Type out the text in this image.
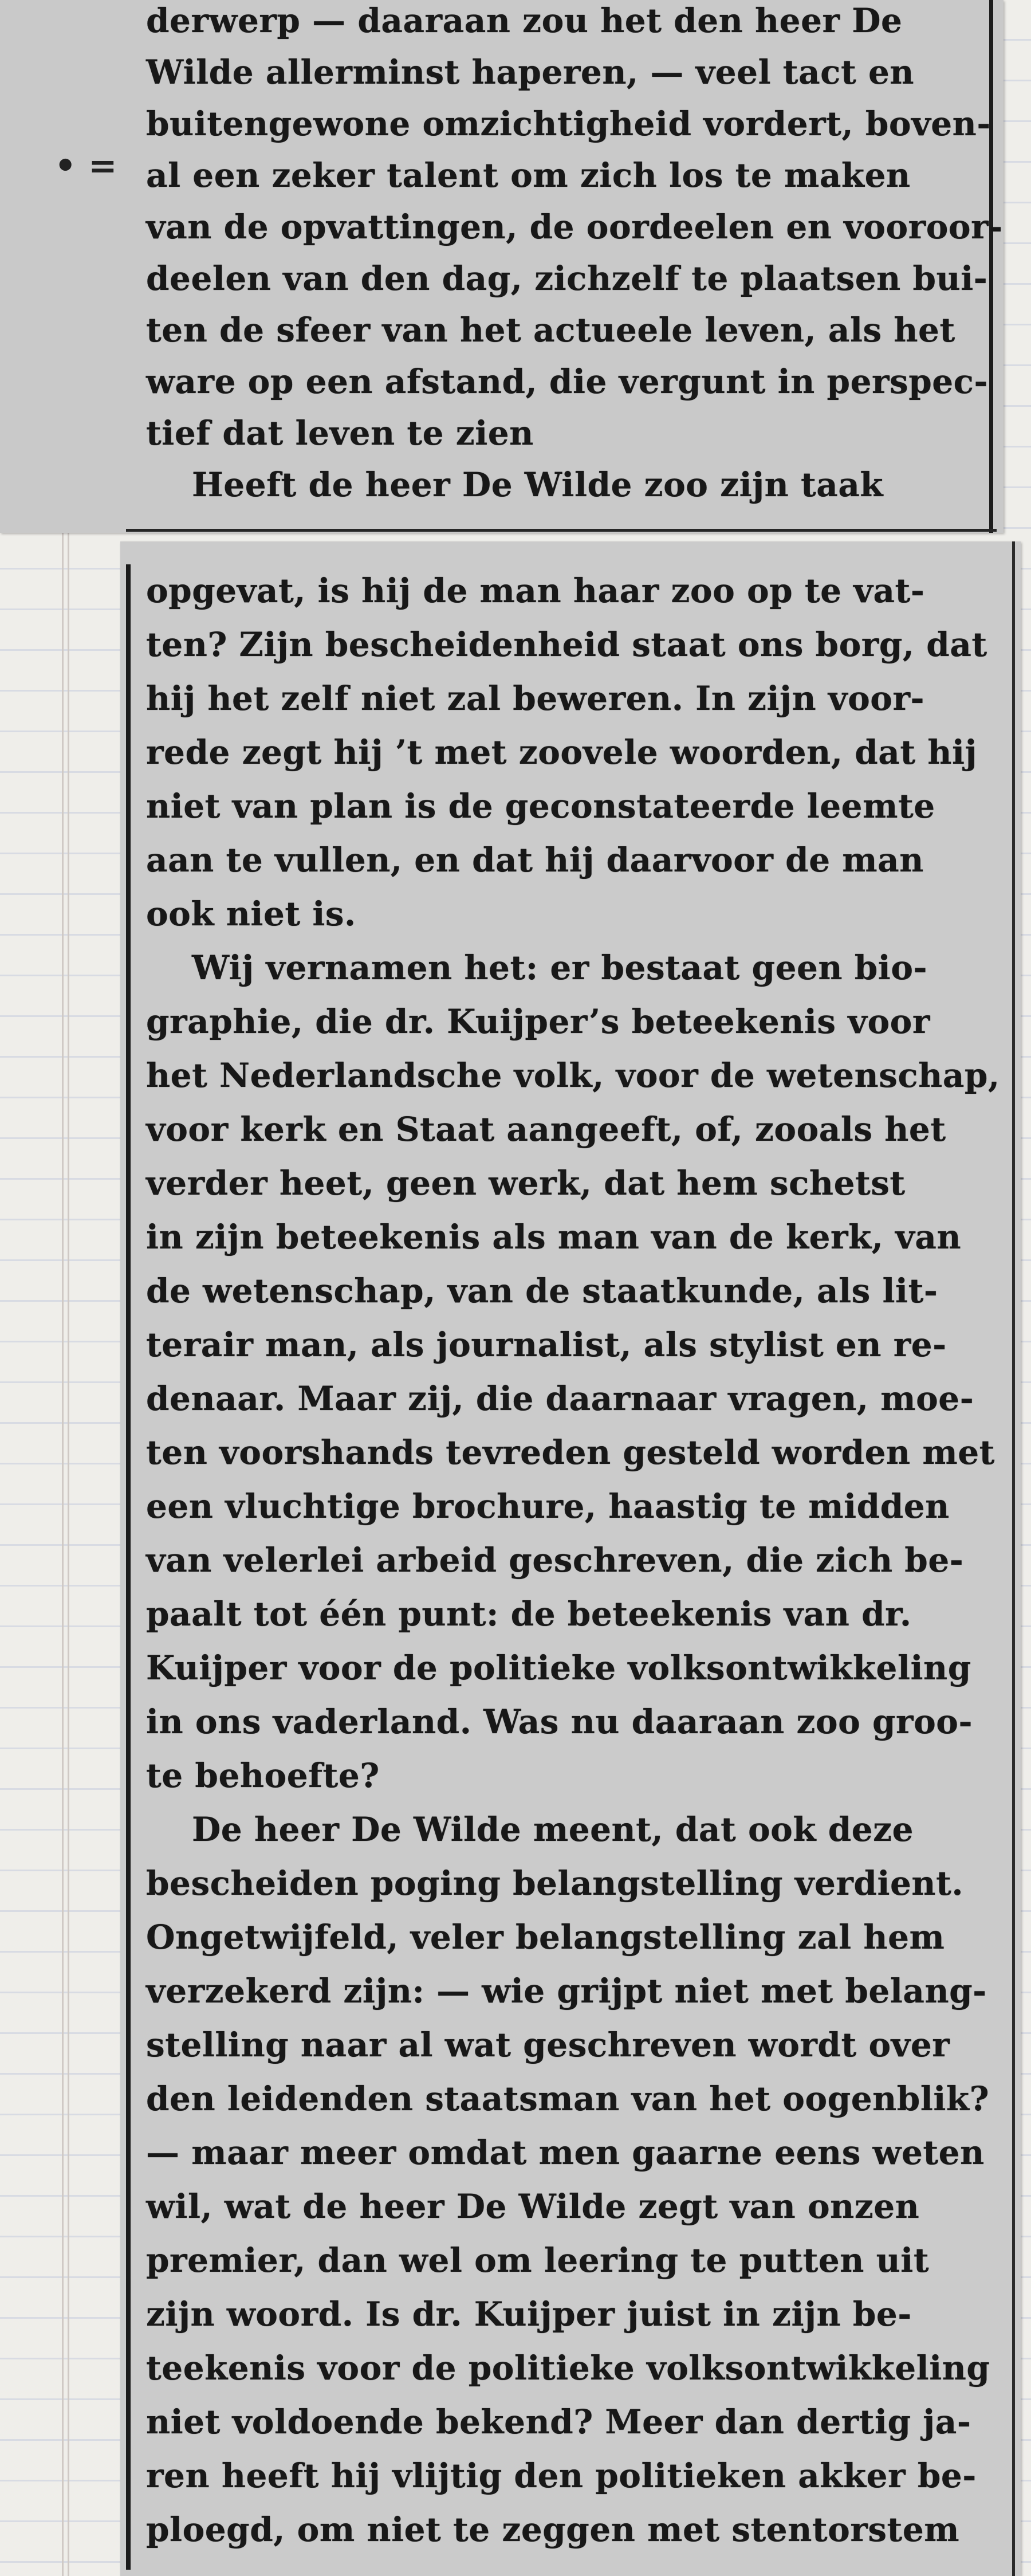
derwerp — daaraan zou het den heer De
Wilde allerminst haperen, — veel tact en
buitengewone omzichtigheid vordert, boven-
al een zeker talent om zich los te maken
van de opvattingen, de oordeelen en vooroor-
deelen van den dag, zichzelf te plaatsen bui-
ten de sfeer van het actueele leven, als het
ware op een afstand, die vergunt in perspec-
tief dat leven te zien
Heeft de heer De Wilde zoo zijn taak
• =
opgevat, is hij de man haar zoo op te vat-
ten? Zijn bescheidenheid staat ons borg, dat
hij het zelf niet zal beweren. In zijn voor-
rede zegt hij ’t met zoovele woorden, dat hij
niet van plan is de geconstateerde leemte
aan te vullen, en dat hij daarvoor de man
ook niet is.
Wij vernamen het: er bestaat geen bio-
graphie, die dr. Kuijper’s beteekenis voor
het Nederlandsche volk, voor de wetenschap,
voor kerk en Staat aangeeft, of, zooals het
verder heet, geen werk, dat hem schetst
in zijn beteekenis als man van de kerk, van
de wetenschap, van de staatkunde, als lit-
terair man, als journalist, als stylist en re-
denaar. Maar zij, die daarnaar vragen, moe-
ten voorshands tevreden gesteld worden met
een vluchtige brochure, haastig te midden
van velerlei arbeid geschreven, die zich be-
paalt tot één punt: de beteekenis van dr.
Kuijper voor de politieke volksontwikkeling
in ons vaderland. Was nu daaraan zoo groo-
te behoefte?
De heer De Wilde meent, dat ook deze
bescheiden poging belangstelling verdient.
Ongetwijfeld, veler belangstelling zal hem
verzekerd zijn: — wie grijpt niet met belang-
stelling naar al wat geschreven wordt over
den leidenden staatsman van het oogenblik?
— maar meer omdat men gaarne eens weten
wil, wat de heer De Wilde zegt van onzen
premier, dan wel om leering te putten uit
zijn woord. Is dr. Kuijper juist in zijn be-
teekenis voor de politieke volksontwikkeling
niet voldoende bekend? Meer dan dertig ja-
ren heeft hij vlijtig den politieken akker be-
ploegd, om niet te zeggen met stentorstem
